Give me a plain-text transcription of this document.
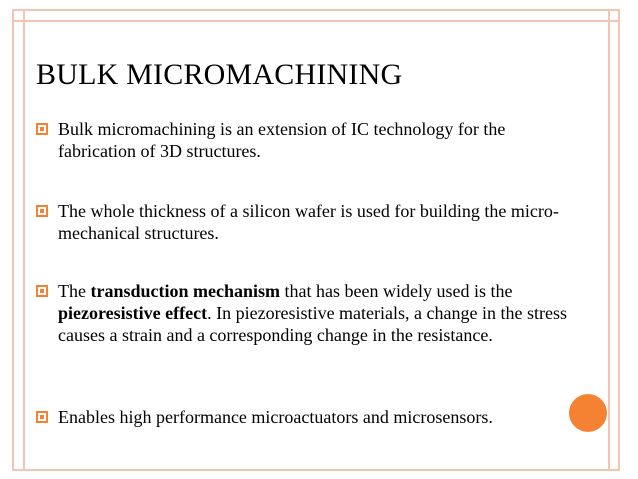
BULK MICROMACHINING
Bulk micromachining is an extension of IC technology for the fabrication of 3D structures.
The whole thickness of a silicon wafer is used for building the micro-mechanical structures.
The transduction mechanism that has been widely used is the piezoresistive effect. In piezoresistive materials, a change in the stress causes a strain and a corresponding change in the resistance.
Enables high performance microactuators and microsensors.
